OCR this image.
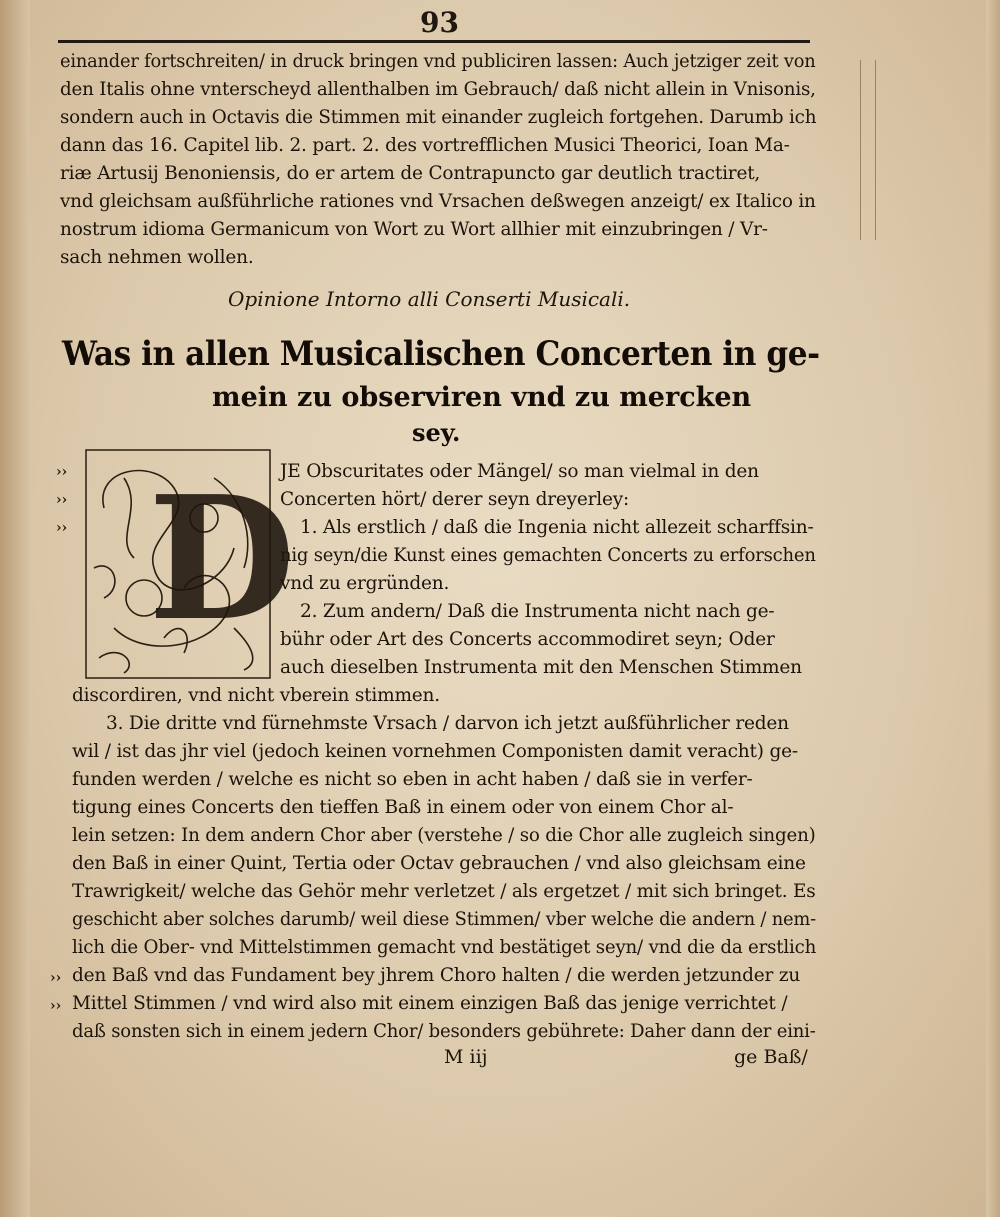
93
einander fortschreiten/ in druck bringen vnd publiciren lassen: Auch jetziger zeit von
den Italis ohne vnterscheyd allenthalben im Gebrauch/ daß nicht allein in Vnisonis,
sondern auch in Octavis die Stimmen mit einander zugleich fortgehen. Darumb ich
dann das 16. Capitel lib. 2. part. 2. des vortrefflichen Musici Theorici, Ioan Ma-
riæ Artusij Benoniensis, do er artem de Contrapuncto gar deutlich tractiret,
vnd gleichsam außführliche rationes vnd Vrsachen deßwegen anzeigt/ ex Italico in
nostrum idioma Germanicum von Wort zu Wort allhier mit einzubringen / Vr-
sach nehmen wollen.
Opinione Intorno alli Conserti Musicali.
Was in allen Musicalischen Concerten in ge-
mein zu observiren vnd zu mercken
sey.
››
››
››
››
››
D
JE Obscuritates oder Mängel/ so man vielmal in den
Concerten hört/ derer seyn dreyerley:
1. Als erstlich / daß die Ingenia nicht allezeit scharffsin-
nig seyn/die Kunst eines gemachten Concerts zu erforschen
vnd zu ergründen.
2. Zum andern/ Daß die Instrumenta nicht nach ge-
bühr oder Art des Concerts accommodiret seyn; Oder
auch dieselben Instrumenta mit den Menschen Stimmen
discordiren, vnd nicht vberein stimmen.
3. Die dritte vnd fürnehmste Vrsach / darvon ich jetzt außführlicher reden
wil / ist das jhr viel (jedoch keinen vornehmen Componisten damit veracht) ge-
funden werden / welche es nicht so eben in acht haben / daß sie in verfer-
tigung eines Concerts den tieffen Baß in einem oder von einem Chor al-
lein setzen: In dem andern Chor aber (verstehe / so die Chor alle zugleich singen)
den Baß in einer Quint, Tertia oder Octav gebrauchen / vnd also gleichsam eine
Trawrigkeit/ welche das Gehör mehr verletzet / als ergetzet / mit sich bringet. Es
geschicht aber solches darumb/ weil diese Stimmen/ vber welche die andern / nem-
lich die Ober- vnd Mittelstimmen gemacht vnd bestätiget seyn/ vnd die da erstlich
den Baß vnd das Fundament bey jhrem Choro halten / die werden jetzunder zu
Mittel Stimmen / vnd wird also mit einem einzigen Baß das jenige verrichtet /
daß sonsten sich in einem jedern Chor/ besonders gebührete: Daher dann der eini-
M iij	ge Baß/
